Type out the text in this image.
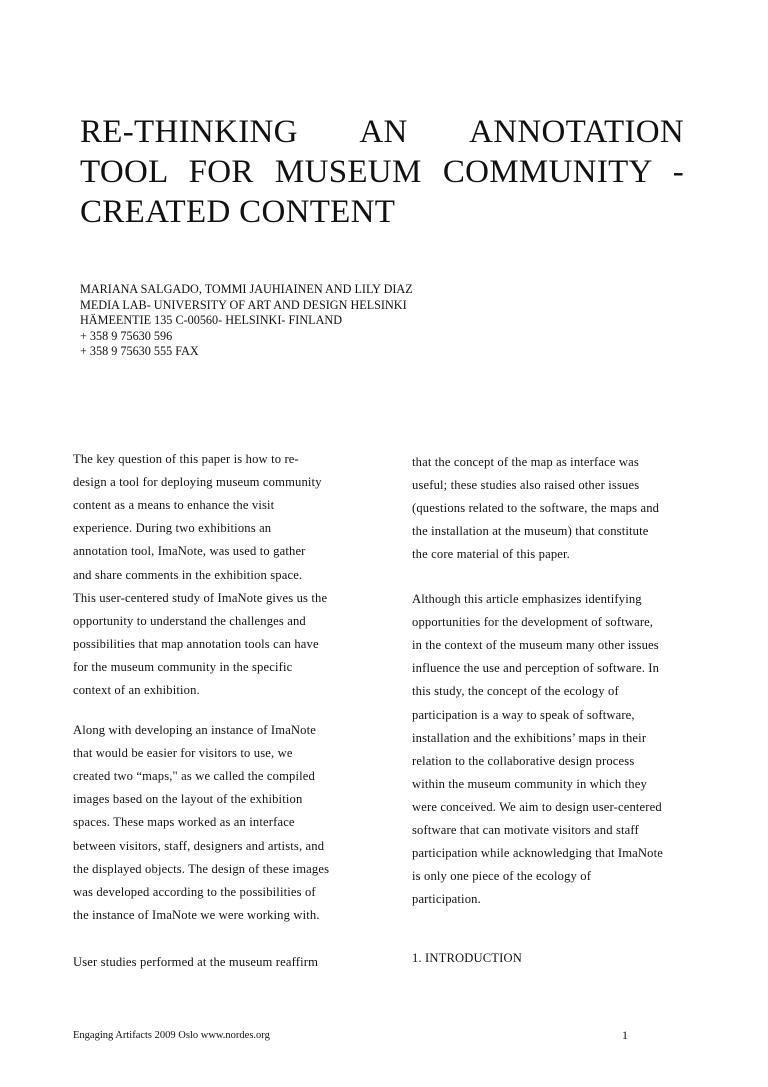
RE-THINKING AN ANNOTATION
TOOL FOR MUSEUM COMMUNITY -
CREATED CONTENT
MARIANA SALGADO, TOMMI JAUHIAINEN AND LILY DIAZ
MEDIA LAB- UNIVERSITY OF ART AND DESIGN HELSINKI
HÄMEENTIE 135 C-00560- HELSINKI- FINLAND
+ 358 9 75630 596
+ 358 9 75630 555 FAX
The key question of this paper is how to re-
design a tool for deploying museum community
content as a means to enhance the visit
experience. During two exhibitions an
annotation tool, ImaNote, was used to gather
and share comments in the exhibition space.
This user-centered study of ImaNote gives us the
opportunity to understand the challenges and
possibilities that map annotation tools can have
for the museum community in the specific
context of an exhibition.
Along with developing an instance of ImaNote
that would be easier for visitors to use, we
created two “maps," as we called the compiled
images based on the layout of the exhibition
spaces. These maps worked as an interface
between visitors, staff, designers and artists, and
the displayed objects. The design of these images
was developed according to the possibilities of
the instance of ImaNote we were working with.
User studies performed at the museum reaffirm
that the concept of the map as interface was
useful; these studies also raised other issues
(questions related to the software, the maps and
the installation at the museum) that constitute
the core material of this paper.
Although this article emphasizes identifying
opportunities for the development of software,
in the context of the museum many other issues
influence the use and perception of software. In
this study, the concept of the ecology of
participation is a way to speak of software,
installation and the exhibitions’ maps in their
relation to the collaborative design process
within the museum community in which they
were conceived. We aim to design user-centered
software that can motivate visitors and staff
participation while acknowledging that ImaNote
is only one piece of the ecology of
participation.
1. INTRODUCTION
Engaging Artifacts 2009 Oslo www.nordes.org	1
